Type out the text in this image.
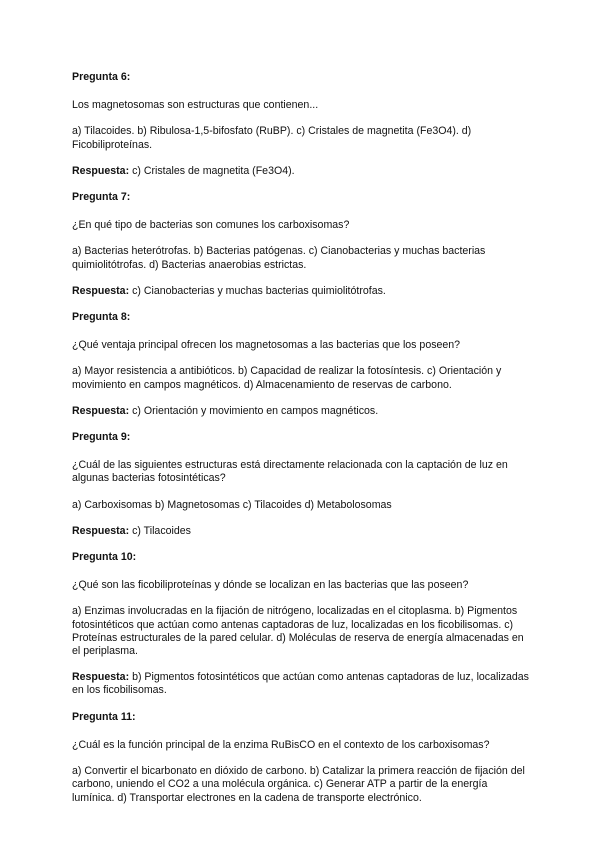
Pregunta 6:

Los magnetosomas son estructuras que contienen...

a) Tilacoides. b) Ribulosa-1,5-bifosfato (RuBP). c) Cristales de magnetita (Fe3O4). d) Ficobiliproteínas.

Respuesta: c) Cristales de magnetita (Fe3O4).

Pregunta 7:

¿En qué tipo de bacterias son comunes los carboxisomas?

a) Bacterias heterótrofas. b) Bacterias patógenas. c) Cianobacterias y muchas bacterias quimiolitótrofas. d) Bacterias anaerobias estrictas.

Respuesta: c) Cianobacterias y muchas bacterias quimiolitótrofas.

Pregunta 8:

¿Qué ventaja principal ofrecen los magnetosomas a las bacterias que los poseen?

a) Mayor resistencia a antibióticos. b) Capacidad de realizar la fotosíntesis. c) Orientación y movimiento en campos magnéticos. d) Almacenamiento de reservas de carbono.

Respuesta: c) Orientación y movimiento en campos magnéticos.

Pregunta 9:

¿Cuál de las siguientes estructuras está directamente relacionada con la captación de luz en algunas bacterias fotosintéticas?

a) Carboxisomas b) Magnetosomas c) Tilacoides d) Metabolosomas

Respuesta: c) Tilacoides

Pregunta 10:

¿Qué son las ficobiliproteínas y dónde se localizan en las bacterias que las poseen?

a) Enzimas involucradas en la fijación de nitrógeno, localizadas en el citoplasma. b) Pigmentos fotosintéticos que actúan como antenas captadoras de luz, localizadas en los ficobilisomas. c) Proteínas estructurales de la pared celular. d) Moléculas de reserva de energía almacenadas en el periplasma.

Respuesta: b) Pigmentos fotosintéticos que actúan como antenas captadoras de luz, localizadas en los ficobilisomas.

Pregunta 11:

¿Cuál es la función principal de la enzima RuBisCO en el contexto de los carboxisomas?

a) Convertir el bicarbonato en dióxido de carbono. b) Catalizar la primera reacción de fijación del carbono, uniendo el CO2 a una molécula orgánica. c) Generar ATP a partir de la energía lumínica. d) Transportar electrones en la cadena de transporte electrónico.
